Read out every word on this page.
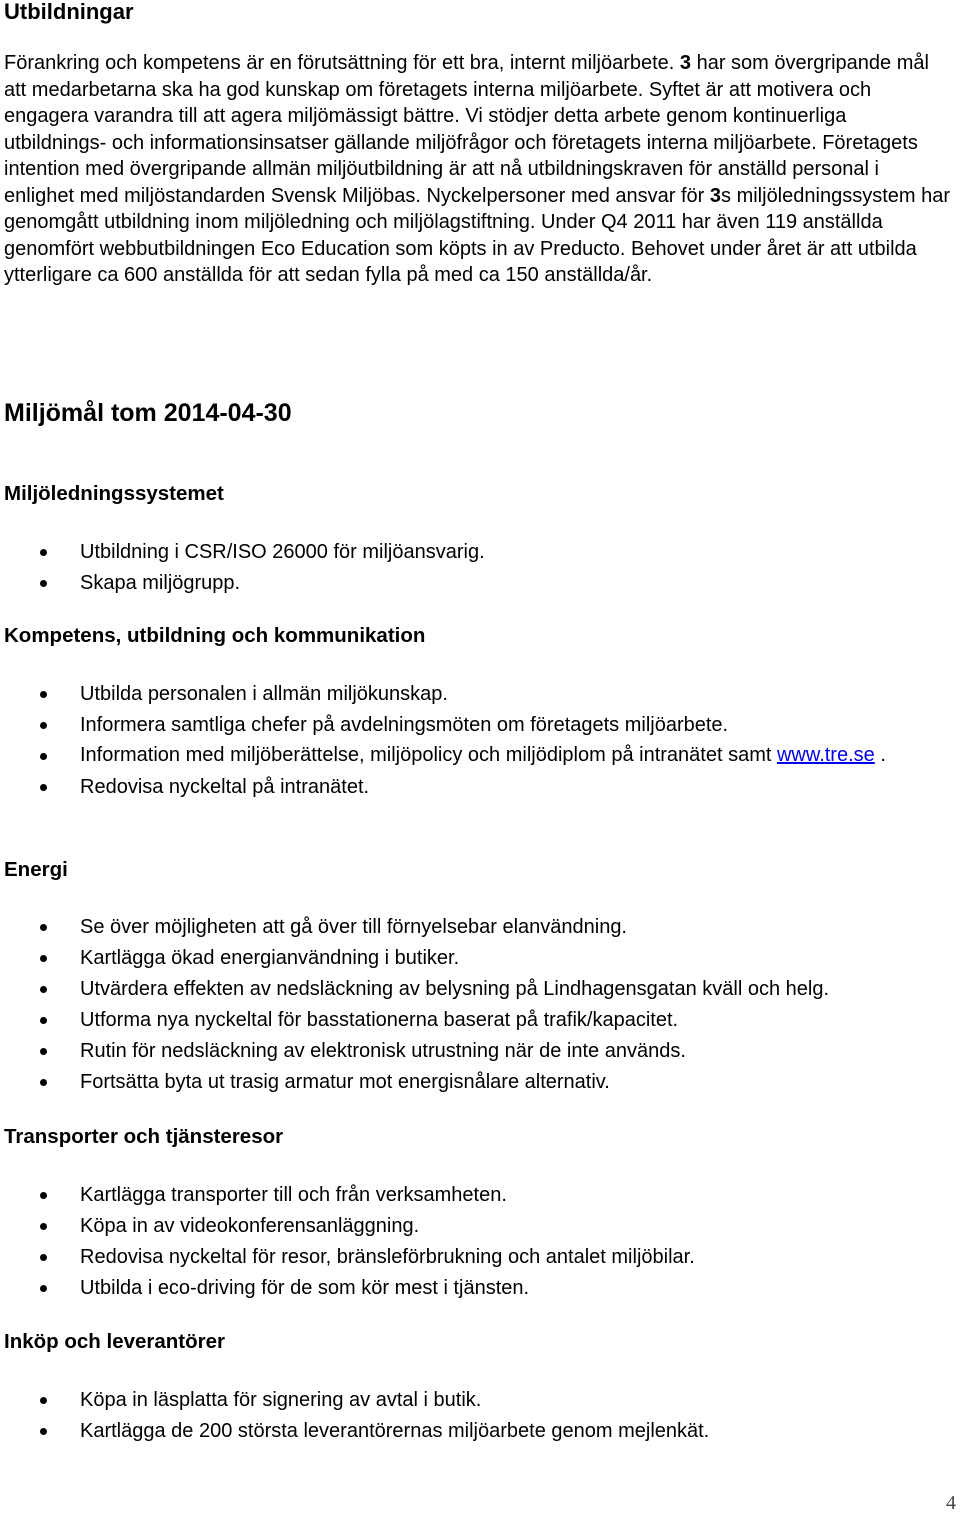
Utbildningar

Förankring och kompetens är en förutsättning för ett bra, internt miljöarbete. 3 har som övergripande mål att medarbetarna ska ha god kunskap om företagets interna miljöarbete. Syftet är att motivera och engagera varandra till att agera miljömässigt bättre. Vi stödjer detta arbete genom kontinuerliga utbildnings- och informationsinsatser gällande miljöfrågor och företagets interna miljöarbete. Företagets intention med övergripande allmän miljöutbildning är att nå utbildningskraven för anställd personal i enlighet med miljöstandarden Svensk Miljöbas. Nyckelpersoner med ansvar för 3s miljöledningssystem har genomgått utbildning inom miljöledning och miljölagstiftning. Under Q4 2011 har även 119 anställda genomfört webbutbildningen Eco Education som köpts in av Preducto. Behovet under året är att utbilda ytterligare ca 600 anställda för att sedan fylla på med ca 150 anställda/år.

Miljömål tom 2014-04-30
Miljöledningssystemet
Utbildning i CSR/ISO 26000 för miljöansvarig.
Skapa miljögrupp.
Kompetens, utbildning och kommunikation
Utbilda personalen i allmän miljökunskap.
Informera samtliga chefer på avdelningsmöten om företagets miljöarbete.
Information med miljöberättelse, miljöpolicy och miljödiplom på intranätet samt www.tre.se .
Redovisa nyckeltal på intranätet.
Energi
Se över möjligheten att gå över till förnyelsebar elanvändning.
Kartlägga ökad energianvändning i butiker.
Utvärdera effekten av nedsläckning av belysning på Lindhagensgatan kväll och helg.
Utforma nya nyckeltal för basstationerna baserat på trafik/kapacitet.
Rutin för nedsläckning av elektronisk utrustning när de inte används.
Fortsätta byta ut trasig armatur mot energisnålare alternativ.
Transporter och tjänsteresor
Kartlägga transporter till och från verksamheten.
Köpa in av videokonferensanläggning.
Redovisa nyckeltal för resor, bränsleförbrukning och antalet miljöbilar.
Utbilda i eco-driving för de som kör mest i tjänsten.
Inköp och leverantörer
Köpa in läsplatta för signering av avtal i butik.
Kartlägga de 200 största leverantörernas miljöarbete genom mejlenkät.
4
